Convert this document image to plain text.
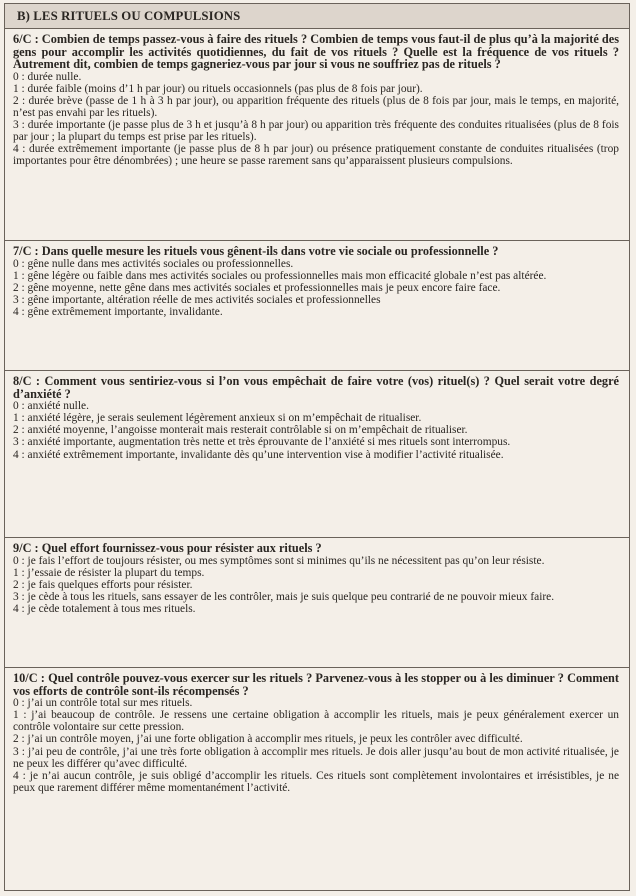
B) LES RITUELS OU COMPULSIONS
6/C : Combien de temps passez-vous à faire des rituels ? Combien de temps vous faut-il de plus qu’à la majorité des gens pour accomplir les activités quotidiennes, du fait de vos rituels ? Quelle est la fréquence de vos rituels ? Autrement dit, combien de temps gagneriez-vous par jour si vous ne souffriez pas de rituels ?
0 : durée nulle.
1 : durée faible (moins d’1 h par jour) ou rituels occasionnels (pas plus de 8 fois par jour).
2 : durée brève (passe de 1 h à 3 h par jour), ou apparition fréquente des rituels (plus de 8 fois par jour, mais le temps, en majorité, n’est pas envahi par les rituels).
3 : durée importante (je passe plus de 3 h et jusqu’à 8 h par jour) ou apparition très fréquente des conduites ritualisées (plus de 8 fois par jour ; la plupart du temps est prise par les rituels).
4 : durée extrêmement importante (je passe plus de 8 h par jour) ou présence pratiquement constante de conduites ritualisées (trop importantes pour être dénombrées) ; une heure se passe rarement sans qu’apparaissent plusieurs compulsions.
7/C : Dans quelle mesure les rituels vous gênent-ils dans votre vie sociale ou professionnelle ?
0 : gêne nulle dans mes activités sociales ou professionnelles.
1 : gêne légère ou faible dans mes activités sociales ou professionnelles mais mon efficacité globale n’est pas altérée.
2 : gêne moyenne, nette gêne dans mes activités sociales et professionnelles mais je peux encore faire face.
3 : gêne importante, altération réelle de mes activités sociales et professionnelles
4 : gêne extrêmement importante, invalidante.
8/C : Comment vous sentiriez-vous si l’on vous empêchait de faire votre (vos) rituel(s) ? Quel serait votre degré d’anxiété ?
0 : anxiété nulle.
1 : anxiété légère, je serais seulement légèrement anxieux si on m’empêchait de ritualiser.
2 : anxiété moyenne, l’angoisse monterait mais resterait contrôlable si on m’empêchait de ritualiser.
3 : anxiété importante, augmentation très nette et très éprouvante de l’anxiété si mes rituels sont interrompus.
4 : anxiété extrêmement importante, invalidante dès qu’une intervention vise à modifier l’activité ritualisée.
9/C : Quel effort fournissez-vous pour résister aux rituels ?
0 : je fais l’effort de toujours résister, ou mes symptômes sont si minimes qu’ils ne nécessitent pas qu’on leur résiste.
1 : j’essaie de résister la plupart du temps.
2 : je fais quelques efforts pour résister.
3 : je cède à tous les rituels, sans essayer de les contrôler, mais je suis quelque peu contrarié de ne pouvoir mieux faire.
4 : je cède totalement à tous mes rituels.
10/C : Quel contrôle pouvez-vous exercer sur les rituels ? Parvenez-vous à les stopper ou à les diminuer ? Comment vos efforts de contrôle sont-ils récompensés ?
0 : j’ai un contrôle total sur mes rituels.
1 : j’ai beaucoup de contrôle. Je ressens une certaine obligation à accomplir les rituels, mais je peux généralement exercer un contrôle volontaire sur cette pression.
2 : j’ai un contrôle moyen, j’ai une forte obligation à accomplir mes rituels, je peux les contrôler avec difficulté.
3 : j’ai peu de contrôle, j’ai une très forte obligation à accomplir mes rituels. Je dois aller jusqu’au bout de mon activité ritualisée, je ne peux les différer qu’avec difficulté.
4 : je n’ai aucun contrôle, je suis obligé d’accomplir les rituels. Ces rituels sont complètement involontaires et irrésistibles, je ne peux que rarement différer même momentanément l’activité.
